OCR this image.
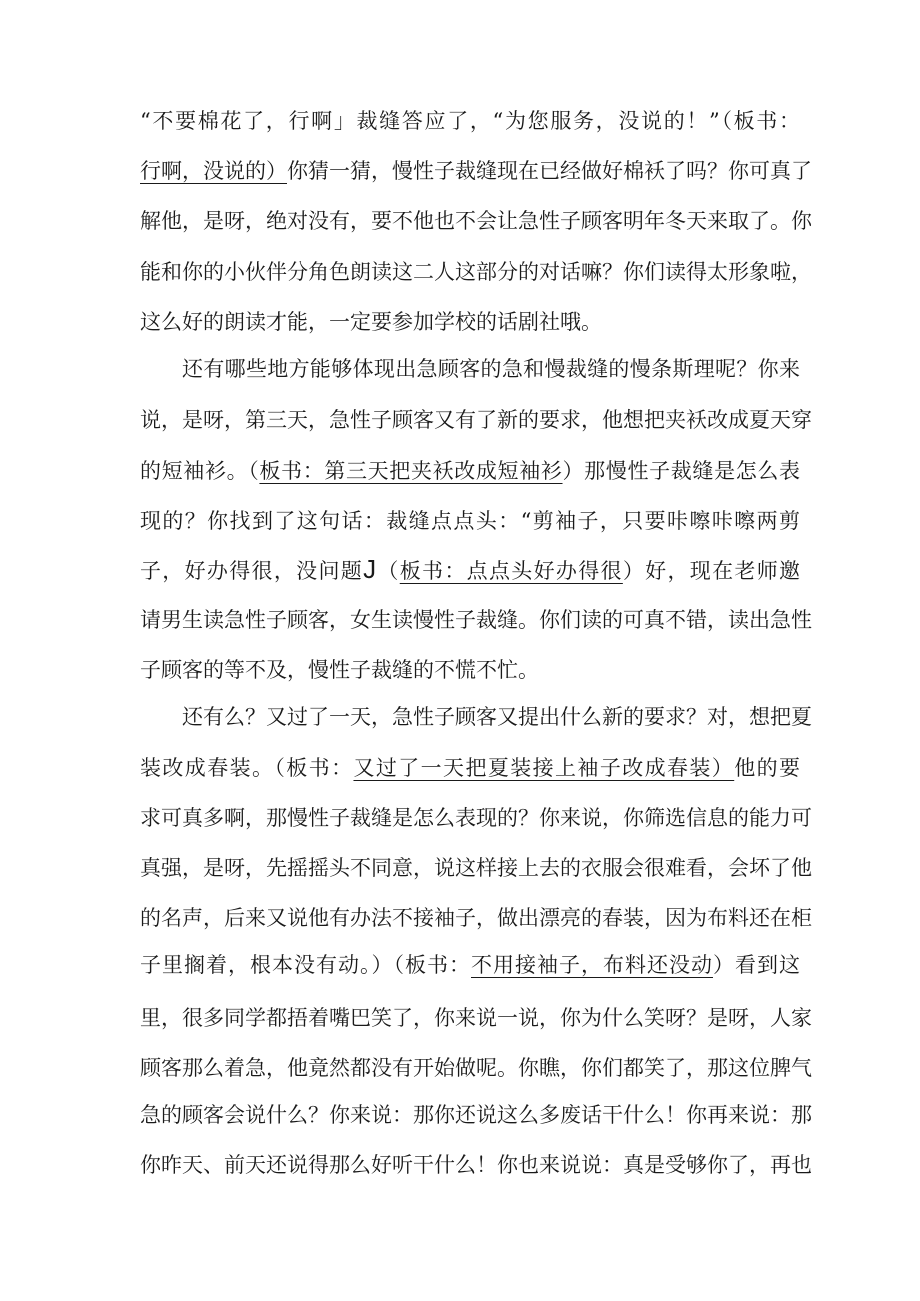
“不要棉花了，行啊」裁缝答应了，“为您服务，没说的！”（板书：
行啊，没说的）你猜一猜，慢性子裁缝现在已经做好棉袄了吗？你可真了
解他，是呀，绝对没有，要不他也不会让急性子顾客明年冬天来取了。你
能和你的小伙伴分角色朗读这二人这部分的对话嘛？你们读得太形象啦，
这么好的朗读才能，一定要参加学校的话剧社哦。
还有哪些地方能够体现出急顾客的急和慢裁缝的慢条斯理呢？你来
说，是呀，第三天，急性子顾客又有了新的要求，他想把夹袄改成夏天穿
的短袖衫。（板书：第三天把夹袄改成短袖衫）那慢性子裁缝是怎么表
现的？你找到了这句话：裁缝点点头：“剪袖子，只要咔嚓咔嚓两剪
子，好办得很，没问题J（板书：点点头好办得很）好，现在老师邀
请男生读急性子顾客，女生读慢性子裁缝。你们读的可真不错，读出急性
子顾客的等不及，慢性子裁缝的不慌不忙。
还有么？又过了一天，急性子顾客又提出什么新的要求？对，想把夏
装改成春装。（板书：又过了一天把夏装接上袖子改成春装）他的要
求可真多啊，那慢性子裁缝是怎么表现的？你来说，你筛选信息的能力可
真强，是呀，先摇摇头不同意，说这样接上去的衣服会很难看，会坏了他
的名声，后来又说他有办法不接袖子，做出漂亮的春装，因为布料还在柜
子里搁着，根本没有动。）（板书：不用接袖子，布料还没动）看到这
里，很多同学都捂着嘴巴笑了，你来说一说，你为什么笑呀？是呀，人家
顾客那么着急，他竟然都没有开始做呢。你瞧，你们都笑了，那这位脾气
急的顾客会说什么？你来说：那你还说这么多废话干什么！你再来说：那
你昨天、前天还说得那么好听干什么！你也来说说：真是受够你了，再也
